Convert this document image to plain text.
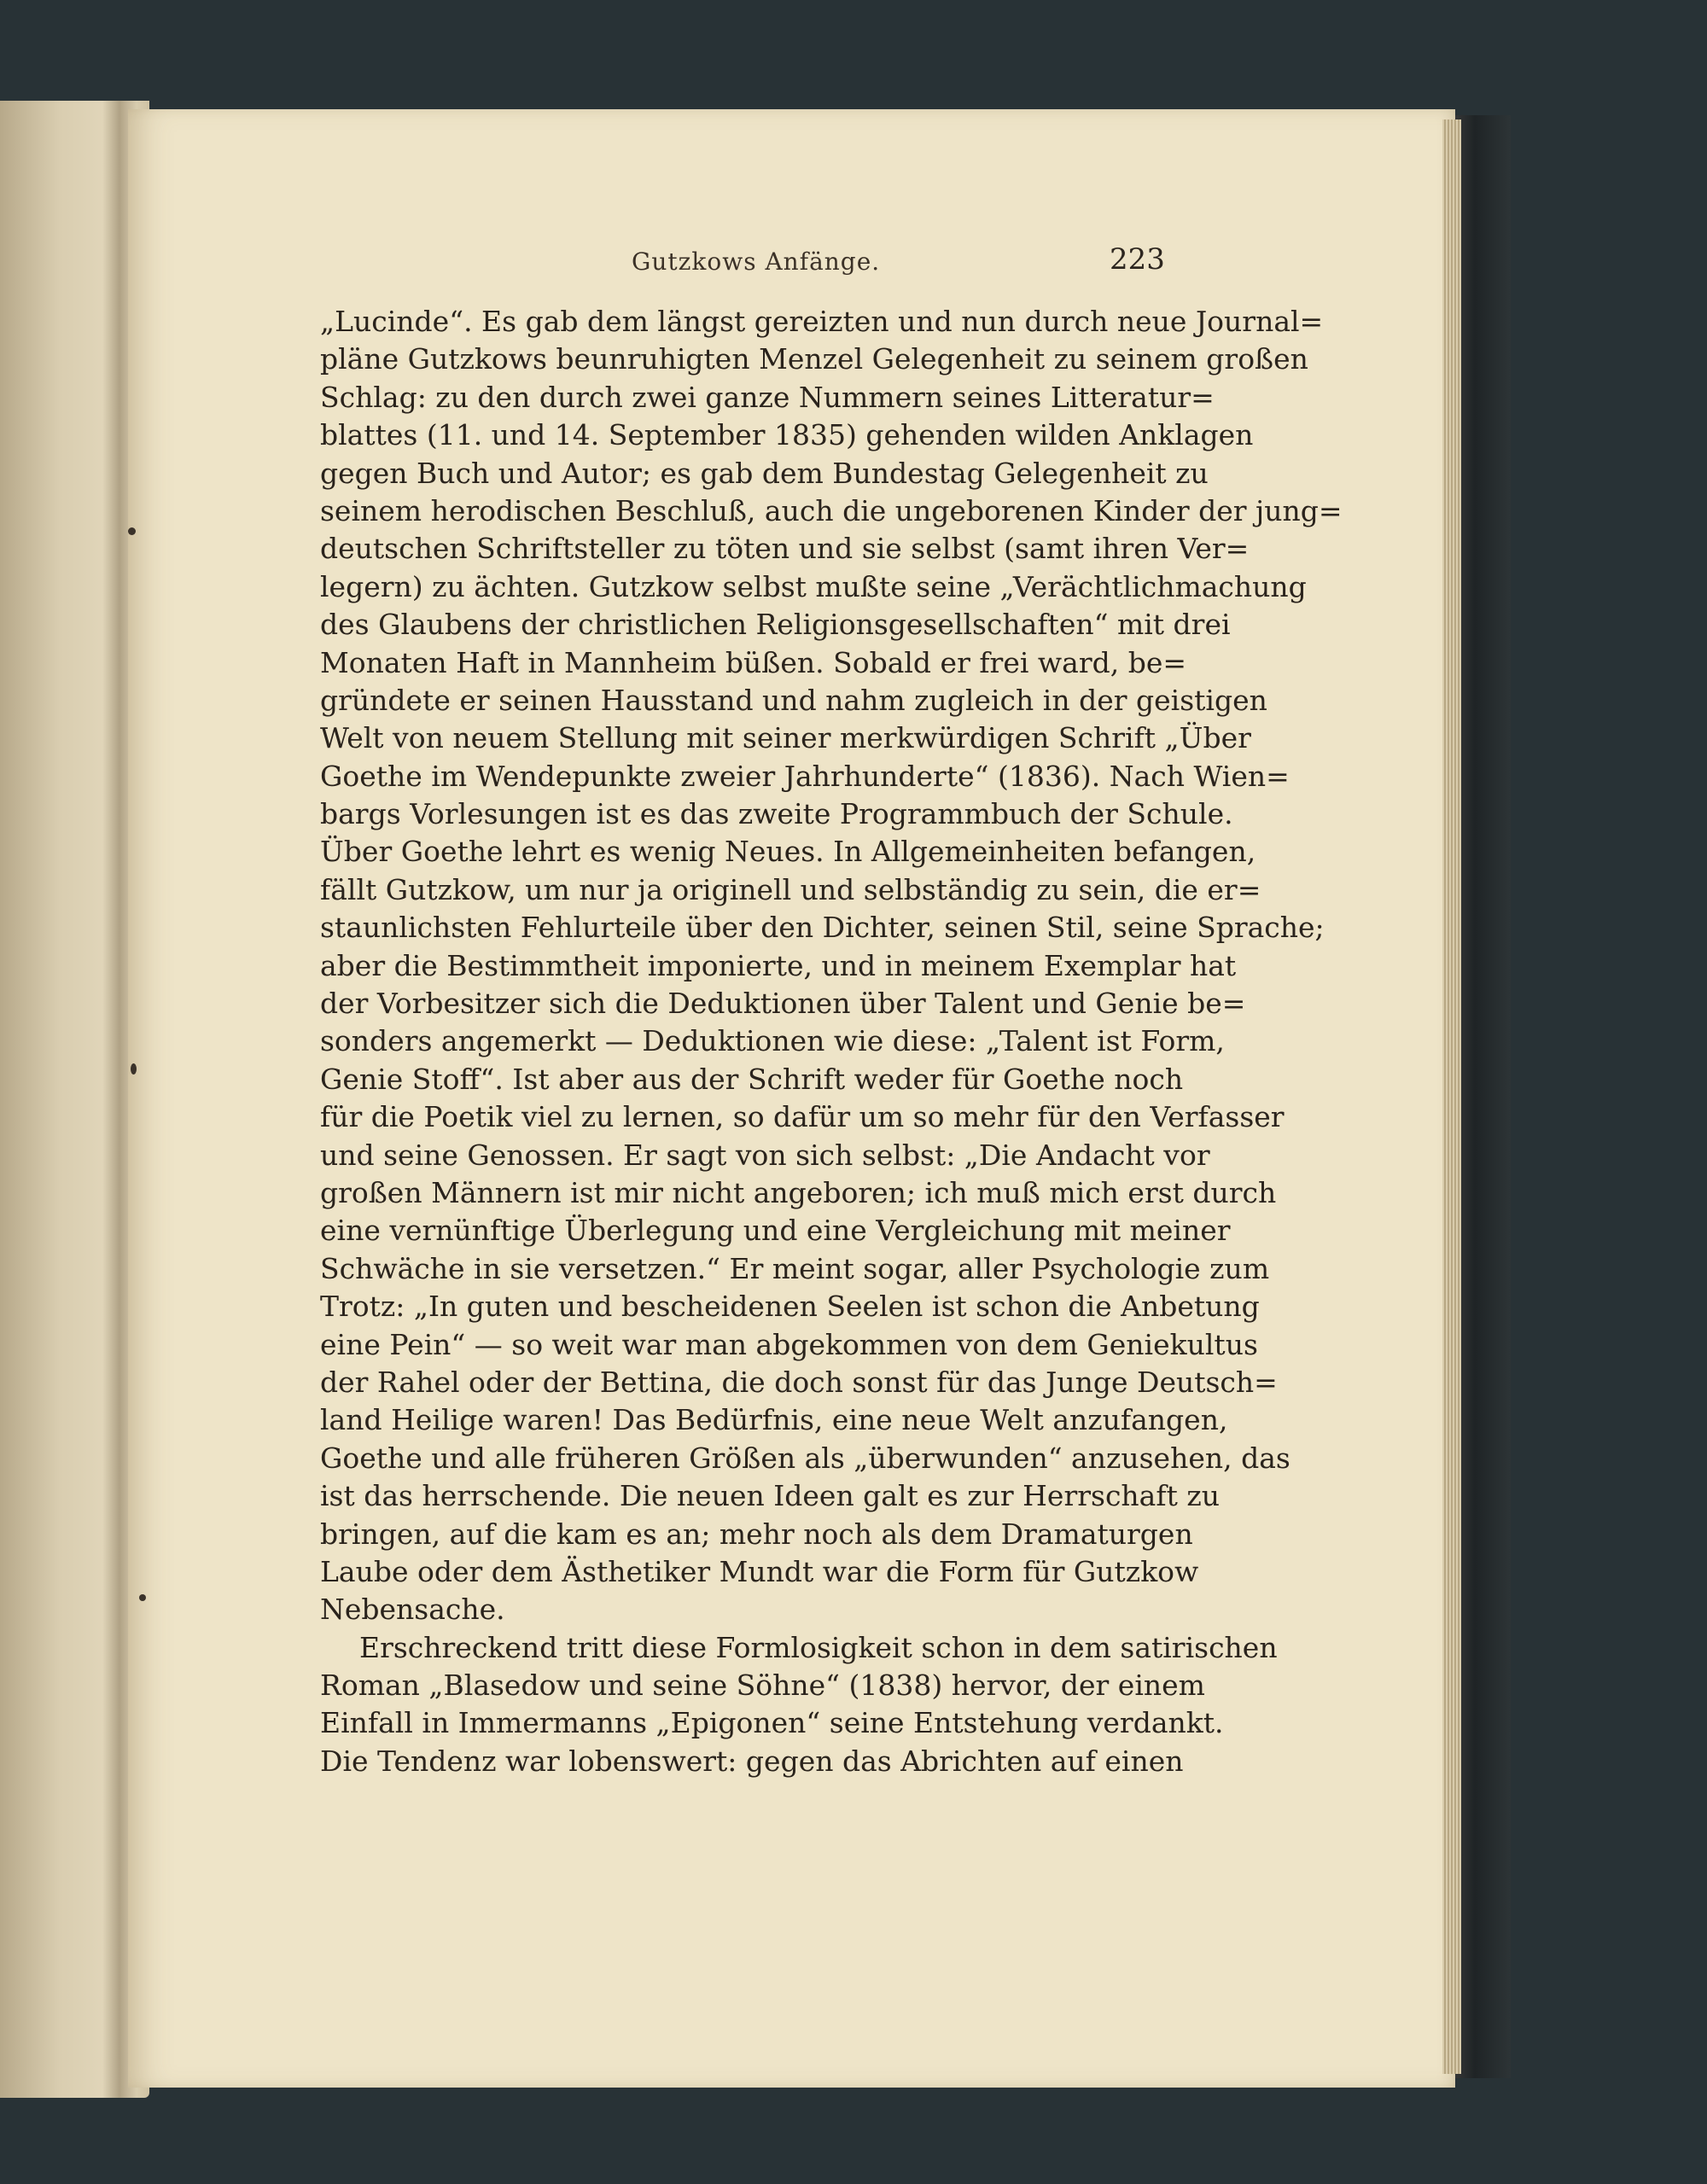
Gutzkows Anfänge.	223
„Lucinde“. Es gab dem längst gereizten und nun durch neue Journal=
pläne Gutzkows beunruhigten Menzel Gelegenheit zu seinem großen
Schlag: zu den durch zwei ganze Nummern seines Litteratur=
blattes (11. und 14. September 1835) gehenden wilden Anklagen
gegen Buch und Autor; es gab dem Bundestag Gelegenheit zu
seinem herodischen Beschluß, auch die ungeborenen Kinder der jung=
deutschen Schriftsteller zu töten und sie selbst (samt ihren Ver=
legern) zu ächten. Gutzkow selbst mußte seine „Verächtlichmachung
des Glaubens der christlichen Religionsgesellschaften“ mit drei
Monaten Haft in Mannheim büßen. Sobald er frei ward, be=
gründete er seinen Hausstand und nahm zugleich in der geistigen
Welt von neuem Stellung mit seiner merkwürdigen Schrift „Über
Goethe im Wendepunkte zweier Jahrhunderte“ (1836). Nach Wien=
bargs Vorlesungen ist es das zweite Programmbuch der Schule.
Über Goethe lehrt es wenig Neues. In Allgemeinheiten befangen,
fällt Gutzkow, um nur ja originell und selbständig zu sein, die er=
staunlichsten Fehlurteile über den Dichter, seinen Stil, seine Sprache;
aber die Bestimmtheit imponierte, und in meinem Exemplar hat
der Vorbesitzer sich die Deduktionen über Talent und Genie be=
sonders angemerkt — Deduktionen wie diese: „Talent ist Form,
Genie Stoff“. Ist aber aus der Schrift weder für Goethe noch
für die Poetik viel zu lernen, so dafür um so mehr für den Verfasser
und seine Genossen. Er sagt von sich selbst: „Die Andacht vor
großen Männern ist mir nicht angeboren; ich muß mich erst durch
eine vernünftige Überlegung und eine Vergleichung mit meiner
Schwäche in sie versetzen.“ Er meint sogar, aller Psychologie zum
Trotz: „In guten und bescheidenen Seelen ist schon die Anbetung
eine Pein“ — so weit war man abgekommen von dem Geniekultus
der Rahel oder der Bettina, die doch sonst für das Junge Deutsch=
land Heilige waren! Das Bedürfnis, eine neue Welt anzufangen,
Goethe und alle früheren Größen als „überwunden“ anzusehen, das
ist das herrschende. Die neuen Ideen galt es zur Herrschaft zu
bringen, auf die kam es an; mehr noch als dem Dramaturgen
Laube oder dem Ästhetiker Mundt war die Form für Gutzkow
Nebensache.
Erschreckend tritt diese Formlosigkeit schon in dem satirischen
Roman „Blasedow und seine Söhne“ (1838) hervor, der einem
Einfall in Immermanns „Epigonen“ seine Entstehung verdankt.
Die Tendenz war lobenswert: gegen das Abrichten auf einen
